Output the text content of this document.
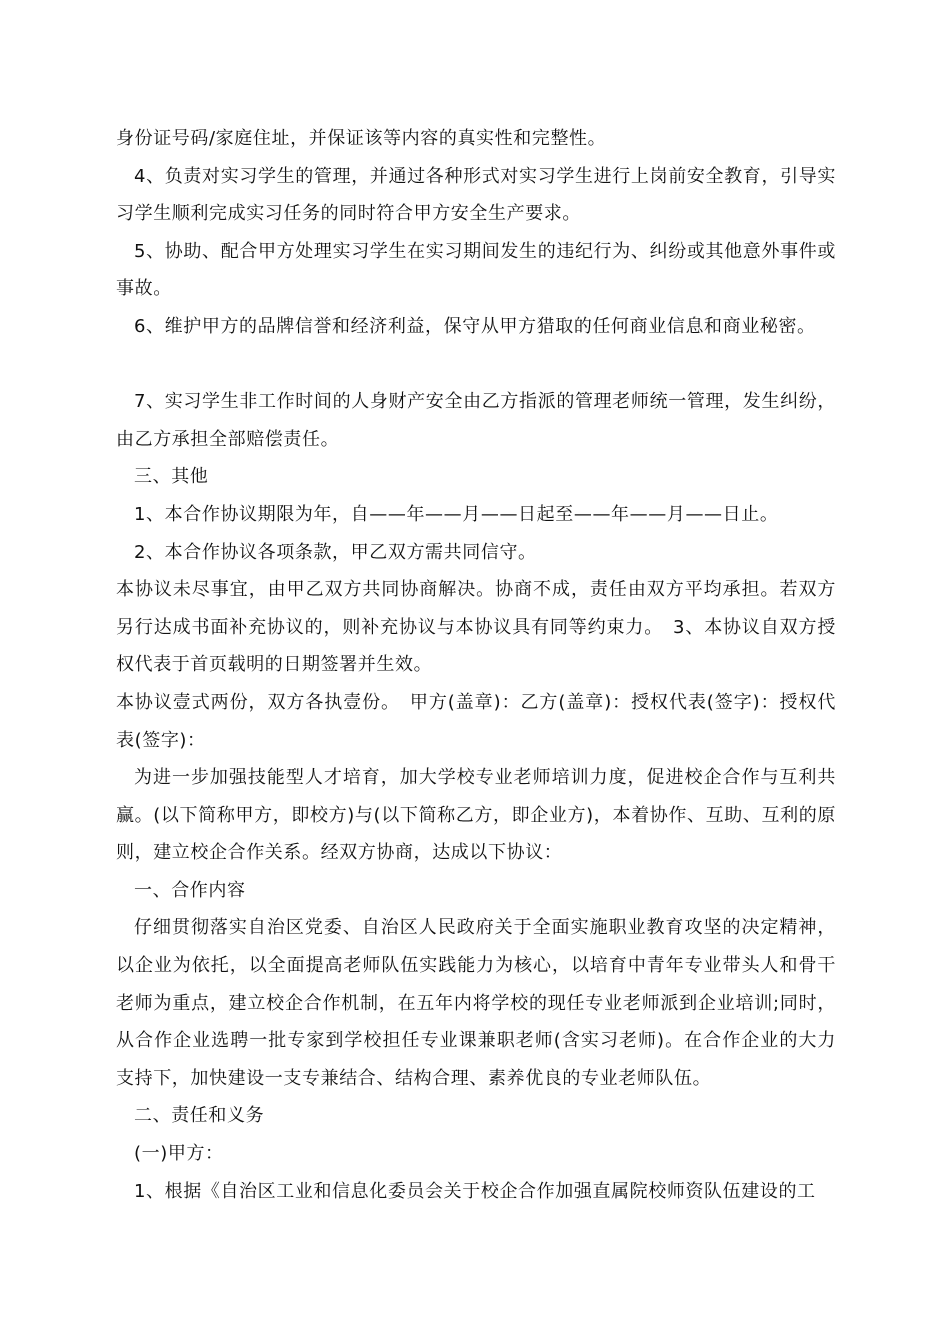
身份证号码/家庭住址，并保证该等内容的真实性和完整性。

4、负责对实习学生的管理，并通过各种形式对实习学生进行上岗前安全教育，引导实习学生顺利完成实习任务的同时符合甲方安全生产要求。

5、协助、配合甲方处理实习学生在实习期间发生的违纪行为、纠纷或其他意外事件或事故。

6、维护甲方的品牌信誉和经济利益，保守从甲方猎取的任何商业信息和商业秘密。

7、实习学生非工作时间的人身财产安全由乙方指派的管理老师统一管理，发生纠纷，由乙方承担全部赔偿责任。

三、其他

1、本合作协议期限为年，自——年——月——日起至——年——月——日止。

2、本合作协议各项条款，甲乙双方需共同信守。

本协议未尽事宜，由甲乙双方共同协商解决。协商不成，责任由双方平均承担。若双方另行达成书面补充协议的，则补充协议与本协议具有同等约束力。　3、本协议自双方授权代表于首页载明的日期签署并生效。

本协议壹式两份，双方各执壹份。　甲方(盖章)：乙方(盖章)：授权代表(签字)：授权代表(签字)：

为进一步加强技能型人才培育，加大学校专业老师培训力度，促进校企合作与互利共赢。(以下简称甲方，即校方)与(以下简称乙方，即企业方)，本着协作、互助、互利的原则，建立校企合作关系。经双方协商，达成以下协议：

一、合作内容

仔细贯彻落实自治区党委、自治区人民政府关于全面实施职业教育攻坚的决定精神，以企业为依托，以全面提高老师队伍实践能力为核心，以培育中青年专业带头人和骨干老师为重点，建立校企合作机制，在五年内将学校的现任专业老师派到企业培训;同时，从合作企业选聘一批专家到学校担任专业课兼职老师(含实习老师)。在合作企业的大力支持下，加快建设一支专兼结合、结构合理、素养优良的专业老师队伍。

二、责任和义务

(一)甲方：

1、根据《自治区工业和信息化委员会关于校企合作加强直属院校师资队伍建设的工
